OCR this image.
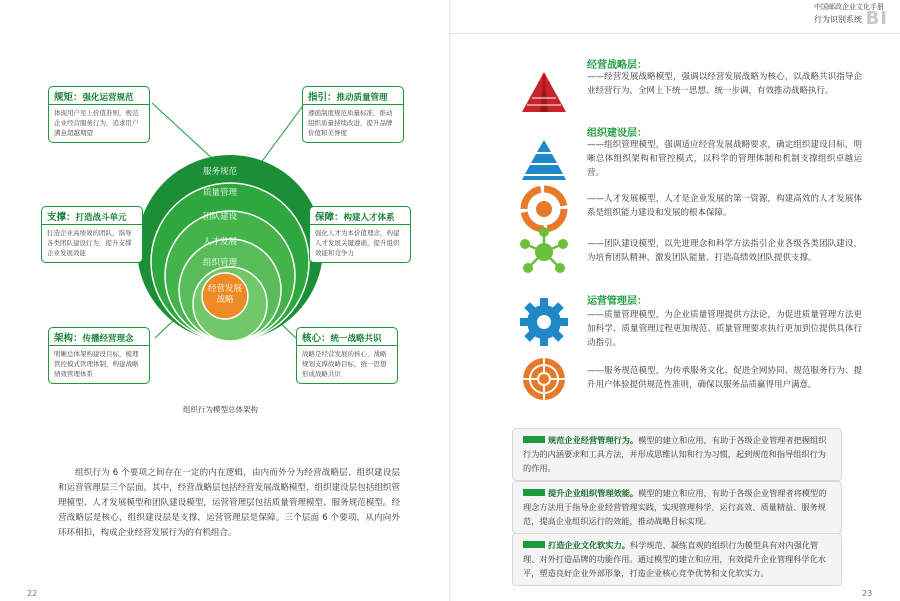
中国邮政企业文化手册
行为识别系统 BI
服务规范
质量管理
团队建设
人才发展
组织管理
经营发展
战略
规矩：强化运营规范
体现用户至上价值准则，规范企业经营服务行为，追求用户满意超越期望
指引：推动质量管理
遵循制度规范质量标准，推动组织质量持续改进，提升品牌价值和美誉度
支撑：打造战斗单元
打造企业高绩效的团队，指导各类团队建设行为，提升支撑企业发展效能
保障：构建人才体系
强化人才为本价值理念，构建人才发展关键遵循，提升组织效能和竞争力
架构：传播经营理念
明晰总体架构建设目标，梳理管控模式管理体制，构建战略绩效管理体系
核心：统一战略共识
战略是经营发展的核心，战略规划支撑战略目标，统一思想形成战略共识
组织行为模型总体架构
组织行为 6 个要项之间存在一定的内在逻辑，由内而外分为经营战略层、组织建设层和运营管理层三个层面。其中，经营战略层包括经营发展战略模型，组织建设层包括组织管理模型、人才发展模型和团队建设模型，运营管理层包括质量管理模型、服务规范模型。经营战略层是核心，组织建设层是支撑，运营管理层是保障。三个层面 6 个要项，从内向外环环相扣，构成企业经营发展行为的有机组合。
22
经营战略层：
——经营发展战略模型，强调以经营发展战略为核心，以战略共识指导企业经营行为，全网上下统一思想、统一步调，有效推动战略执行。
组织建设层：
——组织管理模型，强调适应经营发展战略要求，确定组织建设目标，明晰总体组织架构和管控模式，以科学的管理体制和机制支撑组织卓越运营。
——人才发展模型，人才是企业发展的第一资源，构建高效的人才发展体系是组织能力建设和发展的根本保障。
——团队建设模型，以先进理念和科学方法指引企业各级各类团队建设，为培育团队精神、激发团队能量、打造高绩效团队提供支撑。
运营管理层：
——质量管理模型，为企业质量管理提供方法论，为促进质量管理方法更加科学、质量管理过程更加规范、质量管理要求执行更加到位提供具体行动指引。
——服务规范模型，为传承服务文化、促进全网协同、规范服务行为、提升用户体验提供规范性准则，确保以服务品质赢得用户满意。
规范企业经营管理行为。模型的建立和应用，有助于各级企业管理者把握组织行为的内涵要求和工具方法，并形成思维认知和行为习惯，起到规范和指导组织行为的作用。
提升企业组织管理效能。模型的建立和应用，有助于各级企业管理者将模型的理念方法用于指导企业经营管理实践，实现管理科学、运行高效、质量精益、服务规范，提高企业组织运行的效能，推动战略目标实现。
打造企业文化软实力。科学规范、凝练直观的组织行为模型具有对内强化管理、对外打造品牌的功能作用。通过模型的建立和应用，有效提升企业管理科学化水平，塑造良好企业外部形象，打造企业核心竞争优势和文化软实力。
23
